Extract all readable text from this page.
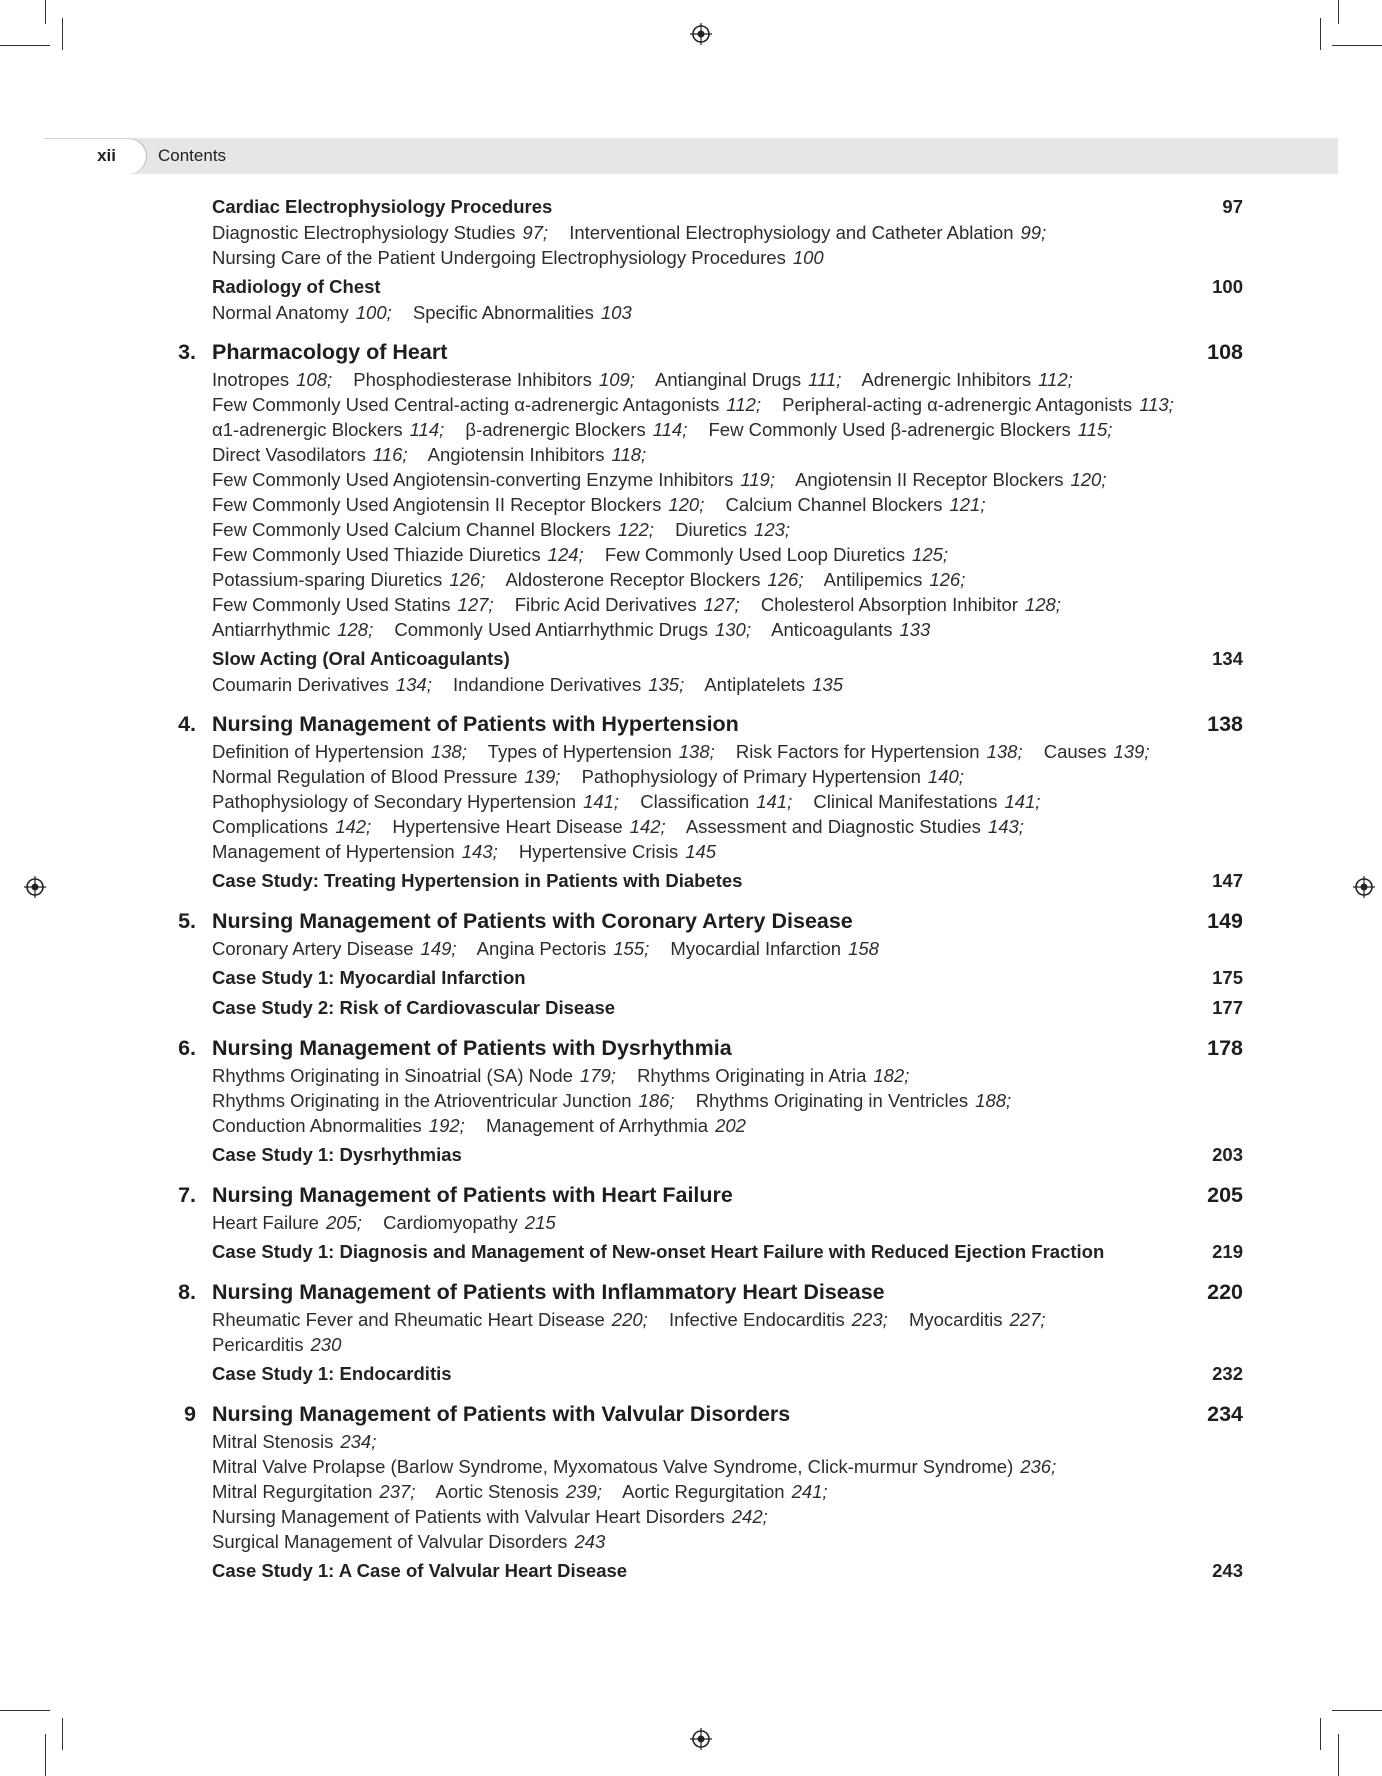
xii Contents
Cardiac Electrophysiology Procedures	97
Diagnostic Electrophysiology Studies 97; Interventional Electrophysiology and Catheter Ablation 99; Nursing Care of the Patient Undergoing Electrophysiology Procedures 100
Radiology of Chest	100
Normal Anatomy 100; Specific Abnormalities 103
3. Pharmacology of Heart	108
Inotropes 108; Phosphodiesterase Inhibitors 109; Antianginal Drugs 111; Adrenergic Inhibitors 112; Few Commonly Used Central-acting α-adrenergic Antagonists 112; Peripheral-acting α-adrenergic Antagonists 113; α1-adrenergic Blockers 114; β-adrenergic Blockers 114; Few Commonly Used β-adrenergic Blockers 115; Direct Vasodilators 116; Angiotensin Inhibitors 118; Few Commonly Used Angiotensin-converting Enzyme Inhibitors 119; Angiotensin II Receptor Blockers 120; Few Commonly Used Angiotensin II Receptor Blockers 120; Calcium Channel Blockers 121; Few Commonly Used Calcium Channel Blockers 122; Diuretics 123; Few Commonly Used Thiazide Diuretics 124; Few Commonly Used Loop Diuretics 125; Potassium-sparing Diuretics 126; Aldosterone Receptor Blockers 126; Antilipemics 126; Few Commonly Used Statins 127; Fibric Acid Derivatives 127; Cholesterol Absorption Inhibitor 128; Antiarrhythmic 128; Commonly Used Antiarrhythmic Drugs 130; Anticoagulants 133
Slow Acting (Oral Anticoagulants)	134
Coumarin Derivatives 134; Indandione Derivatives 135; Antiplatelets 135
4. Nursing Management of Patients with Hypertension	138
Definition of Hypertension 138; Types of Hypertension 138; Risk Factors for Hypertension 138; Causes 139; Normal Regulation of Blood Pressure 139; Pathophysiology of Primary Hypertension 140; Pathophysiology of Secondary Hypertension 141; Classification 141; Clinical Manifestations 141; Complications 142; Hypertensive Heart Disease 142; Assessment and Diagnostic Studies 143; Management of Hypertension 143; Hypertensive Crisis 145
Case Study: Treating Hypertension in Patients with Diabetes	147
5. Nursing Management of Patients with Coronary Artery Disease	149
Coronary Artery Disease 149; Angina Pectoris 155; Myocardial Infarction 158
Case Study 1: Myocardial Infarction	175
Case Study 2: Risk of Cardiovascular Disease	177
6. Nursing Management of Patients with Dysrhythmia	178
Rhythms Originating in Sinoatrial (SA) Node 179; Rhythms Originating in Atria 182; Rhythms Originating in the Atrioventricular Junction 186; Rhythms Originating in Ventricles 188; Conduction Abnormalities 192; Management of Arrhythmia 202
Case Study 1: Dysrhythmias	203
7. Nursing Management of Patients with Heart Failure	205
Heart Failure 205; Cardiomyopathy 215
Case Study 1: Diagnosis and Management of New-onset Heart Failure with Reduced Ejection Fraction	219
8. Nursing Management of Patients with Inflammatory Heart Disease	220
Rheumatic Fever and Rheumatic Heart Disease 220; Infective Endocarditis 223; Myocarditis 227; Pericarditis 230
Case Study 1: Endocarditis	232
9 Nursing Management of Patients with Valvular Disorders	234
Mitral Stenosis 234; Mitral Valve Prolapse (Barlow Syndrome, Myxomatous Valve Syndrome, Click-murmur Syndrome) 236; Mitral Regurgitation 237; Aortic Stenosis 239; Aortic Regurgitation 241; Nursing Management of Patients with Valvular Heart Disorders 242; Surgical Management of Valvular Disorders 243
Case Study 1: A Case of Valvular Heart Disease	243
